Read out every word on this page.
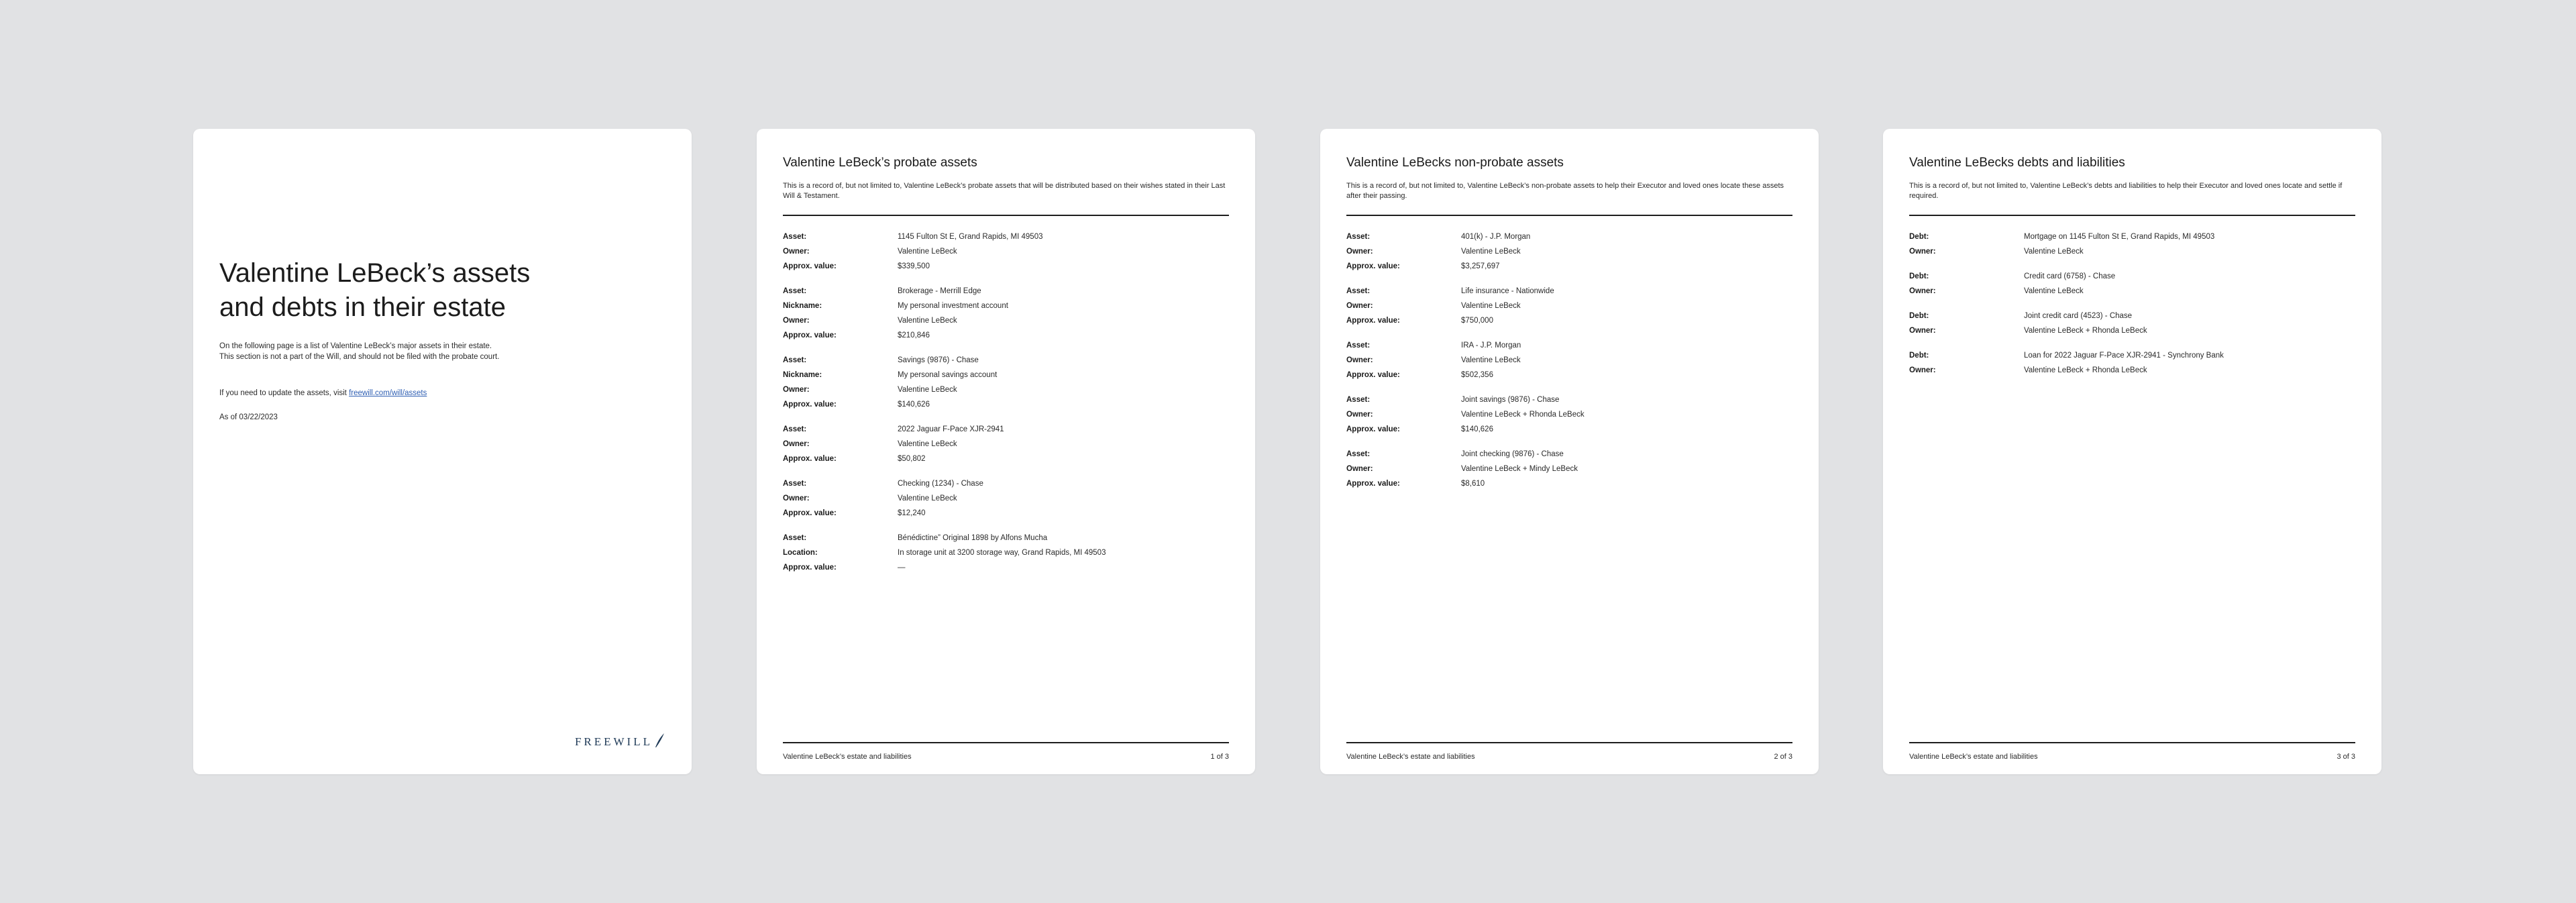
Valentine LeBeck’s assets and debts in their estate

On the following page is a list of Valentine LeBeck’s major assets in their estate. This section is not a part of the Will, and should not be filed with the probate court.

If you need to update the assets, visit freewill.com/will/assets

As of 03/22/2023

FREEWILL
Valentine LeBeck’s probate assets

This is a record of, but not limited to, Valentine LeBeck’s probate assets that will be distributed based on their wishes stated in their Last Will & Testament.

Asset:	1145 Fulton St E, Grand Rapids, MI 49503
Owner:	Valentine LeBeck
Approx. value:	$339,500
Asset:	Brokerage - Merrill Edge
Nickname:	My personal investment account
Owner:	Valentine LeBeck
Approx. value:	$210,846
Asset:	Savings (9876) - Chase
Nickname:	My personal savings account
Owner:	Valentine LeBeck
Approx. value:	$140,626
Asset:	2022 Jaguar F-Pace XJR-2941
Owner:	Valentine LeBeck
Approx. value:	$50,802
Asset:	Checking (1234) - Chase
Owner:	Valentine LeBeck
Approx. value:	$12,240
Asset:	Bénédictine” Original 1898 by Alfons Mucha
Location:	In storage unit at 3200 storage way, Grand Rapids, MI 49503
Approx. value:	—
Valentine LeBeck’s estate and liabilities	1 of 3
Valentine LeBecks non-probate assets

This is a record of, but not limited to, Valentine LeBeck’s non-probate assets to help their Executor and loved ones locate these assets after their passing.

Asset:	401(k) - J.P. Morgan
Owner:	Valentine LeBeck
Approx. value:	$3,257,697
Asset:	Life insurance - Nationwide
Owner:	Valentine LeBeck
Approx. value:	$750,000
Asset:	IRA - J.P. Morgan
Owner:	Valentine LeBeck
Approx. value:	$502,356
Asset:	Joint savings (9876) - Chase
Owner:	Valentine LeBeck + Rhonda LeBeck
Approx. value:	$140,626
Asset:	Joint checking (9876) - Chase
Owner:	Valentine LeBeck + Mindy LeBeck
Approx. value:	$8,610
Valentine LeBeck’s estate and liabilities	2 of 3
Valentine LeBecks debts and liabilities

This is a record of, but not limited to, Valentine LeBeck’s debts and liabilities to help their Executor and loved ones locate and settle if required.

Debt:	Mortgage on 1145 Fulton St E, Grand Rapids, MI 49503
Owner:	Valentine LeBeck
Debt:	Credit card (6758) - Chase
Owner:	Valentine LeBeck
Debt:	Joint credit card (4523) - Chase
Owner:	Valentine LeBeck + Rhonda LeBeck
Debt:	Loan for 2022 Jaguar F-Pace XJR-2941 - Synchrony Bank
Owner:	Valentine LeBeck + Rhonda LeBeck
Valentine LeBeck’s estate and liabilities	3 of 3
